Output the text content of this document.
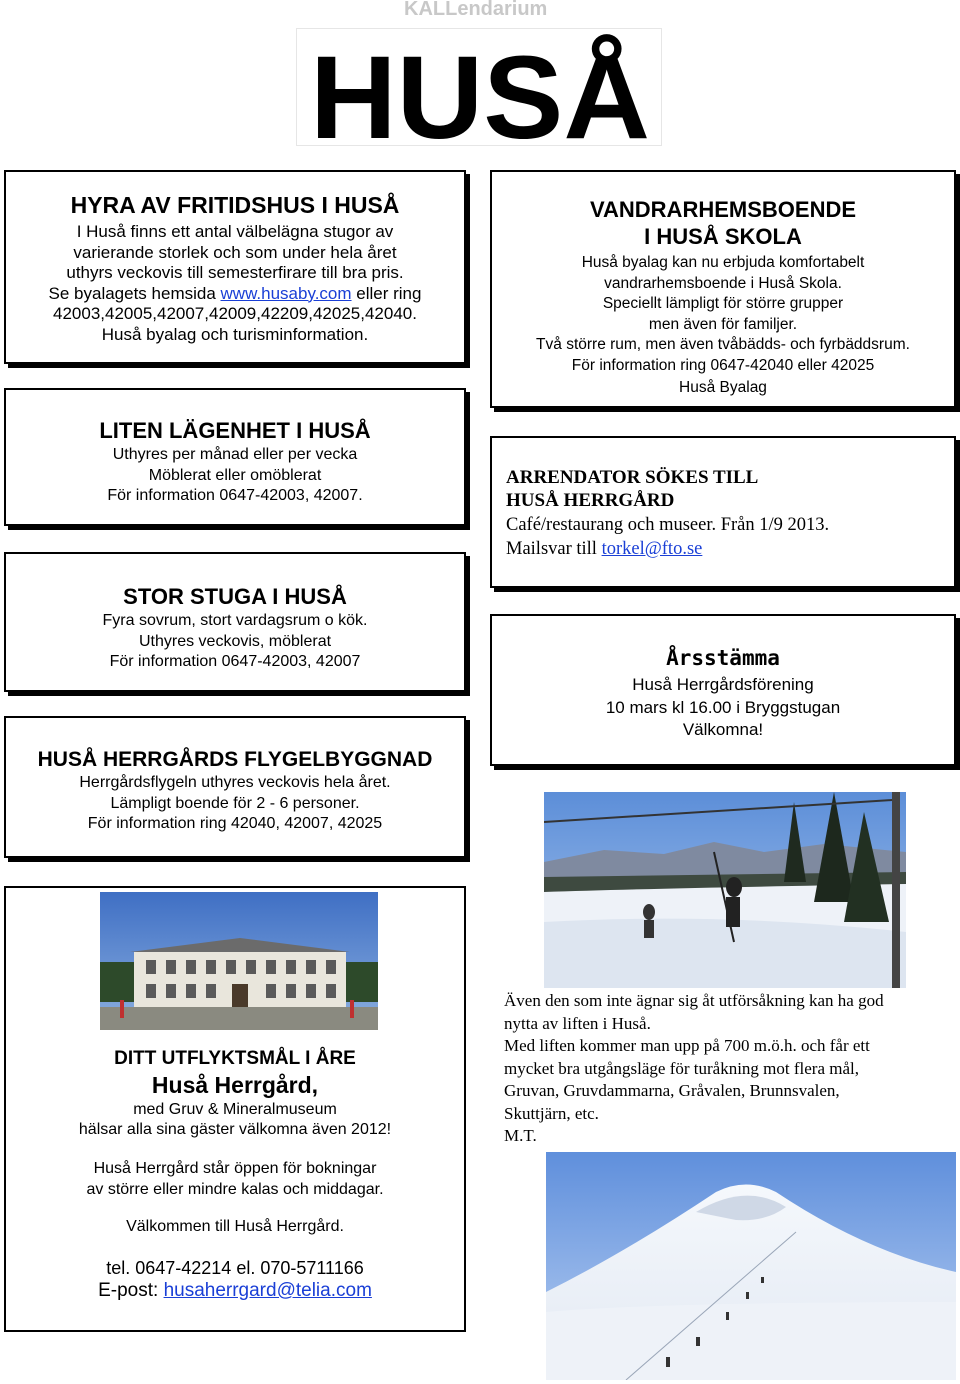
KALLendarium
HUSÅ
HYRA AV FRITIDSHUS I HUSÅ
I Huså finns ett antal välbelägna stugor av
varierande storlek och som under hela året
uthyrs veckovis till semesterfirare till bra pris.
Se byalagets hemsida www.husaby.com eller ring
42003,42005,42007,42009,42209,42025,42040.
Huså byalag och turisminformation.
VANDRARHEMSBOENDE
I HUSÅ SKOLA
Huså byalag kan nu erbjuda komfortabelt
vandrarhemsboende i Huså Skola.
Speciellt lämpligt för större grupper
men även för familjer.
Två större rum, men även tvåbädds- och fyrbäddsrum.
För information ring 0647-42040 eller 42025
Huså Byalag
LITEN LÄGENHET I HUSÅ
Uthyres per månad eller per vecka
Möblerat eller omöblerat
För information 0647-42003, 42007.
ARRENDATOR SÖKES TILL
HUSÅ HERRGÅRD
Café/restaurang och museer. Från 1/9 2013.
Mailsvar till torkel@fto.se
STOR STUGA I HUSÅ
Fyra sovrum, stort vardagsrum o kök.
Uthyres veckovis, möblerat
För information 0647-42003, 42007	Årsstämma
Huså Herrgårdsförening
10 mars kl 16.00 i Bryggstugan
Välkomna!
HUSÅ HERRGÅRDS FLYGELBYGGNAD
Herrgårdsflygeln uthyres veckovis hela året.
Lämpligt boende för 2 - 6 personer.
För information ring 42040, 42007, 42025
DITT UTFLYKTSMÅL I ÅRE
Huså Herrgård,
med Gruv & Mineralmuseum
hälsar alla sina gäster välkomna även 2012!
Huså Herrgård står öppen för bokningar
av större eller mindre kalas och middagar.
Välkommen till Huså Herrgård.
tel. 0647-42214 el. 070-5711166
E-post: husaherrgard@telia.com
Även den som inte ägnar sig åt utförsåkning kan ha god
nytta av liften i Huså.
Med liften kommer man upp på 700 m.ö.h. och får ett
mycket bra utgångsläge för turåkning mot flera mål,
Gruvan, Gruvdammarna, Gråvalen, Brunnsvalen,
Skuttjärn, etc.
M.T.
